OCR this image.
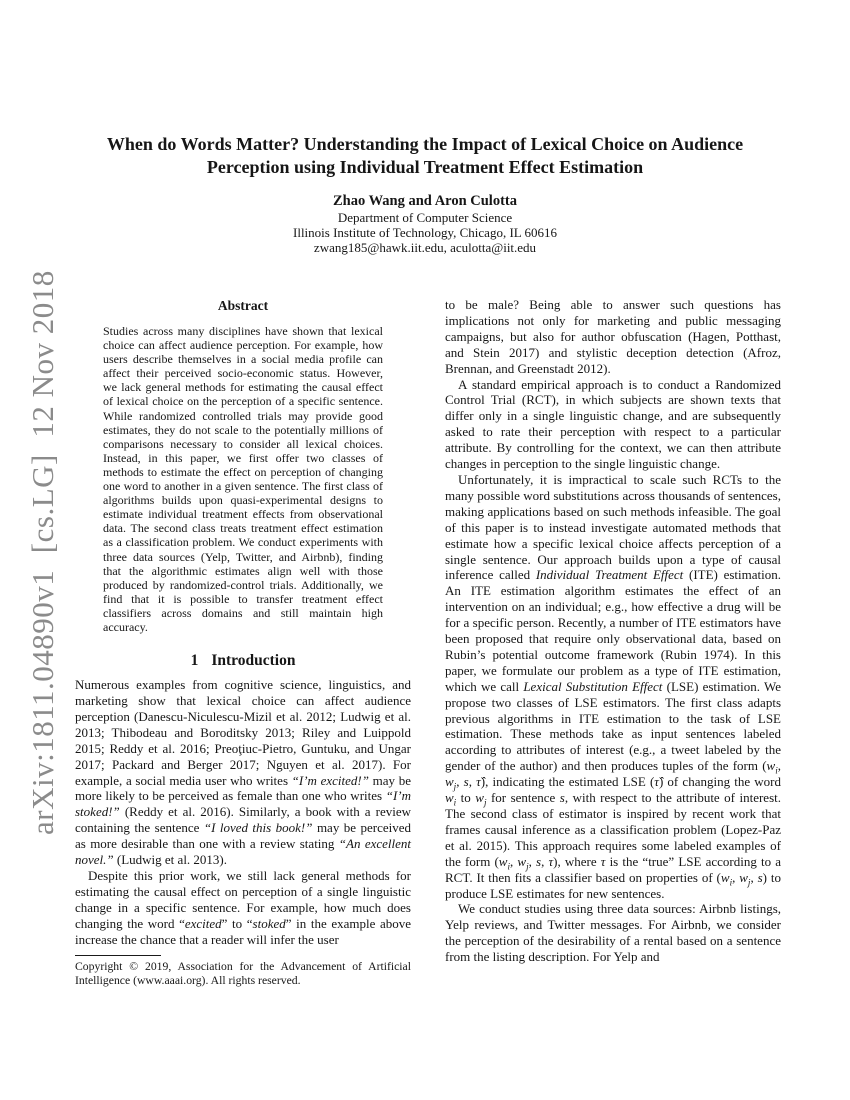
arXiv:1811.04890v1  [cs.LG]  12 Nov 2018
When do Words Matter? Understanding the Impact of Lexical Choice on Audience Perception using Individual Treatment Effect Estimation
Zhao Wang and Aron Culotta
Department of Computer Science
Illinois Institute of Technology, Chicago, IL 60616
zwang185@hawk.iit.edu, aculotta@iit.edu
Abstract

Studies across many disciplines have shown that lexical choice can affect audience perception. For example, how users describe themselves in a social media profile can affect their perceived socio-economic status. However, we lack general methods for estimating the causal effect of lexical choice on the perception of a specific sentence. While randomized controlled trials may provide good estimates, they do not scale to the potentially millions of comparisons necessary to consider all lexical choices. Instead, in this paper, we first offer two classes of methods to estimate the effect on perception of changing one word to another in a given sentence. The first class of algorithms builds upon quasi-experimental designs to estimate individual treatment effects from observational data. The second class treats treatment effect estimation as a classification problem. We conduct experiments with three data sources (Yelp, Twitter, and Airbnb), finding that the algorithmic estimates align well with those produced by randomized-control trials. Additionally, we find that it is possible to transfer treatment effect classifiers across domains and still maintain high accuracy.

1 Introduction

Numerous examples from cognitive science, linguistics, and marketing show that lexical choice can affect audience perception (Danescu-Niculescu-Mizil et al. 2012; Ludwig et al. 2013; Thibodeau and Boroditsky 2013; Riley and Luippold 2015; Reddy et al. 2016; Preoţiuc-Pietro, Guntuku, and Ungar 2017; Packard and Berger 2017; Nguyen et al. 2017). For example, a social media user who writes “I’m excited!” may be more likely to be perceived as female than one who writes “I’m stoked!” (Reddy et al. 2016). Similarly, a book with a review containing the sentence “I loved this book!” may be perceived as more desirable than one with a review stating “An excellent novel.” (Ludwig et al. 2013).

Despite this prior work, we still lack general methods for estimating the causal effect on perception of a single linguistic change in a specific sentence. For example, how much does changing the word “excited” to “stoked” in the example above increase the chance that a reader will infer the user

Copyright © 2019, Association for the Advancement of Artificial Intelligence (www.aaai.org). All rights reserved.

to be male? Being able to answer such questions has implications not only for marketing and public messaging campaigns, but also for author obfuscation (Hagen, Potthast, and Stein 2017) and stylistic deception detection (Afroz, Brennan, and Greenstadt 2012).

A standard empirical approach is to conduct a Randomized Control Trial (RCT), in which subjects are shown texts that differ only in a single linguistic change, and are subsequently asked to rate their perception with respect to a particular attribute. By controlling for the context, we can then attribute changes in perception to the single linguistic change.

Unfortunately, it is impractical to scale such RCTs to the many possible word substitutions across thousands of sentences, making applications based on such methods infeasible. The goal of this paper is to instead investigate automated methods that estimate how a specific lexical choice affects perception of a single sentence. Our approach builds upon a type of causal inference called Individual Treatment Effect (ITE) estimation. An ITE estimation algorithm estimates the effect of an intervention on an individual; e.g., how effective a drug will be for a specific person. Recently, a number of ITE estimators have been proposed that require only observational data, based on Rubin’s potential outcome framework (Rubin 1974). In this paper, we formulate our problem as a type of ITE estimation, which we call Lexical Substitution Effect (LSE) estimation. We propose two classes of LSE estimators. The first class adapts previous algorithms in ITE estimation to the task of LSE estimation. These methods take as input sentences labeled according to attributes of interest (e.g., a tweet labeled by the gender of the author) and then produces tuples of the form ($w_i$, $w_j$, s, τ̂), indicating the estimated LSE (τ̂) of changing the word $w_i$ to $w_j$ for sentence s, with respect to the attribute of interest. The second class of estimator is inspired by recent work that frames causal inference as a classification problem (Lopez-Paz et al. 2015). This approach requires some labeled examples of the form ($w_i$, $w_j$, s, τ), where τ is the “true” LSE according to a RCT. It then fits a classifier based on properties of ($w_i$, $w_j$, s) to produce LSE estimates for new sentences.

We conduct studies using three data sources: Airbnb listings, Yelp reviews, and Twitter messages. For Airbnb, we consider the perception of the desirability of a rental based on a sentence from the listing description. For Yelp and
